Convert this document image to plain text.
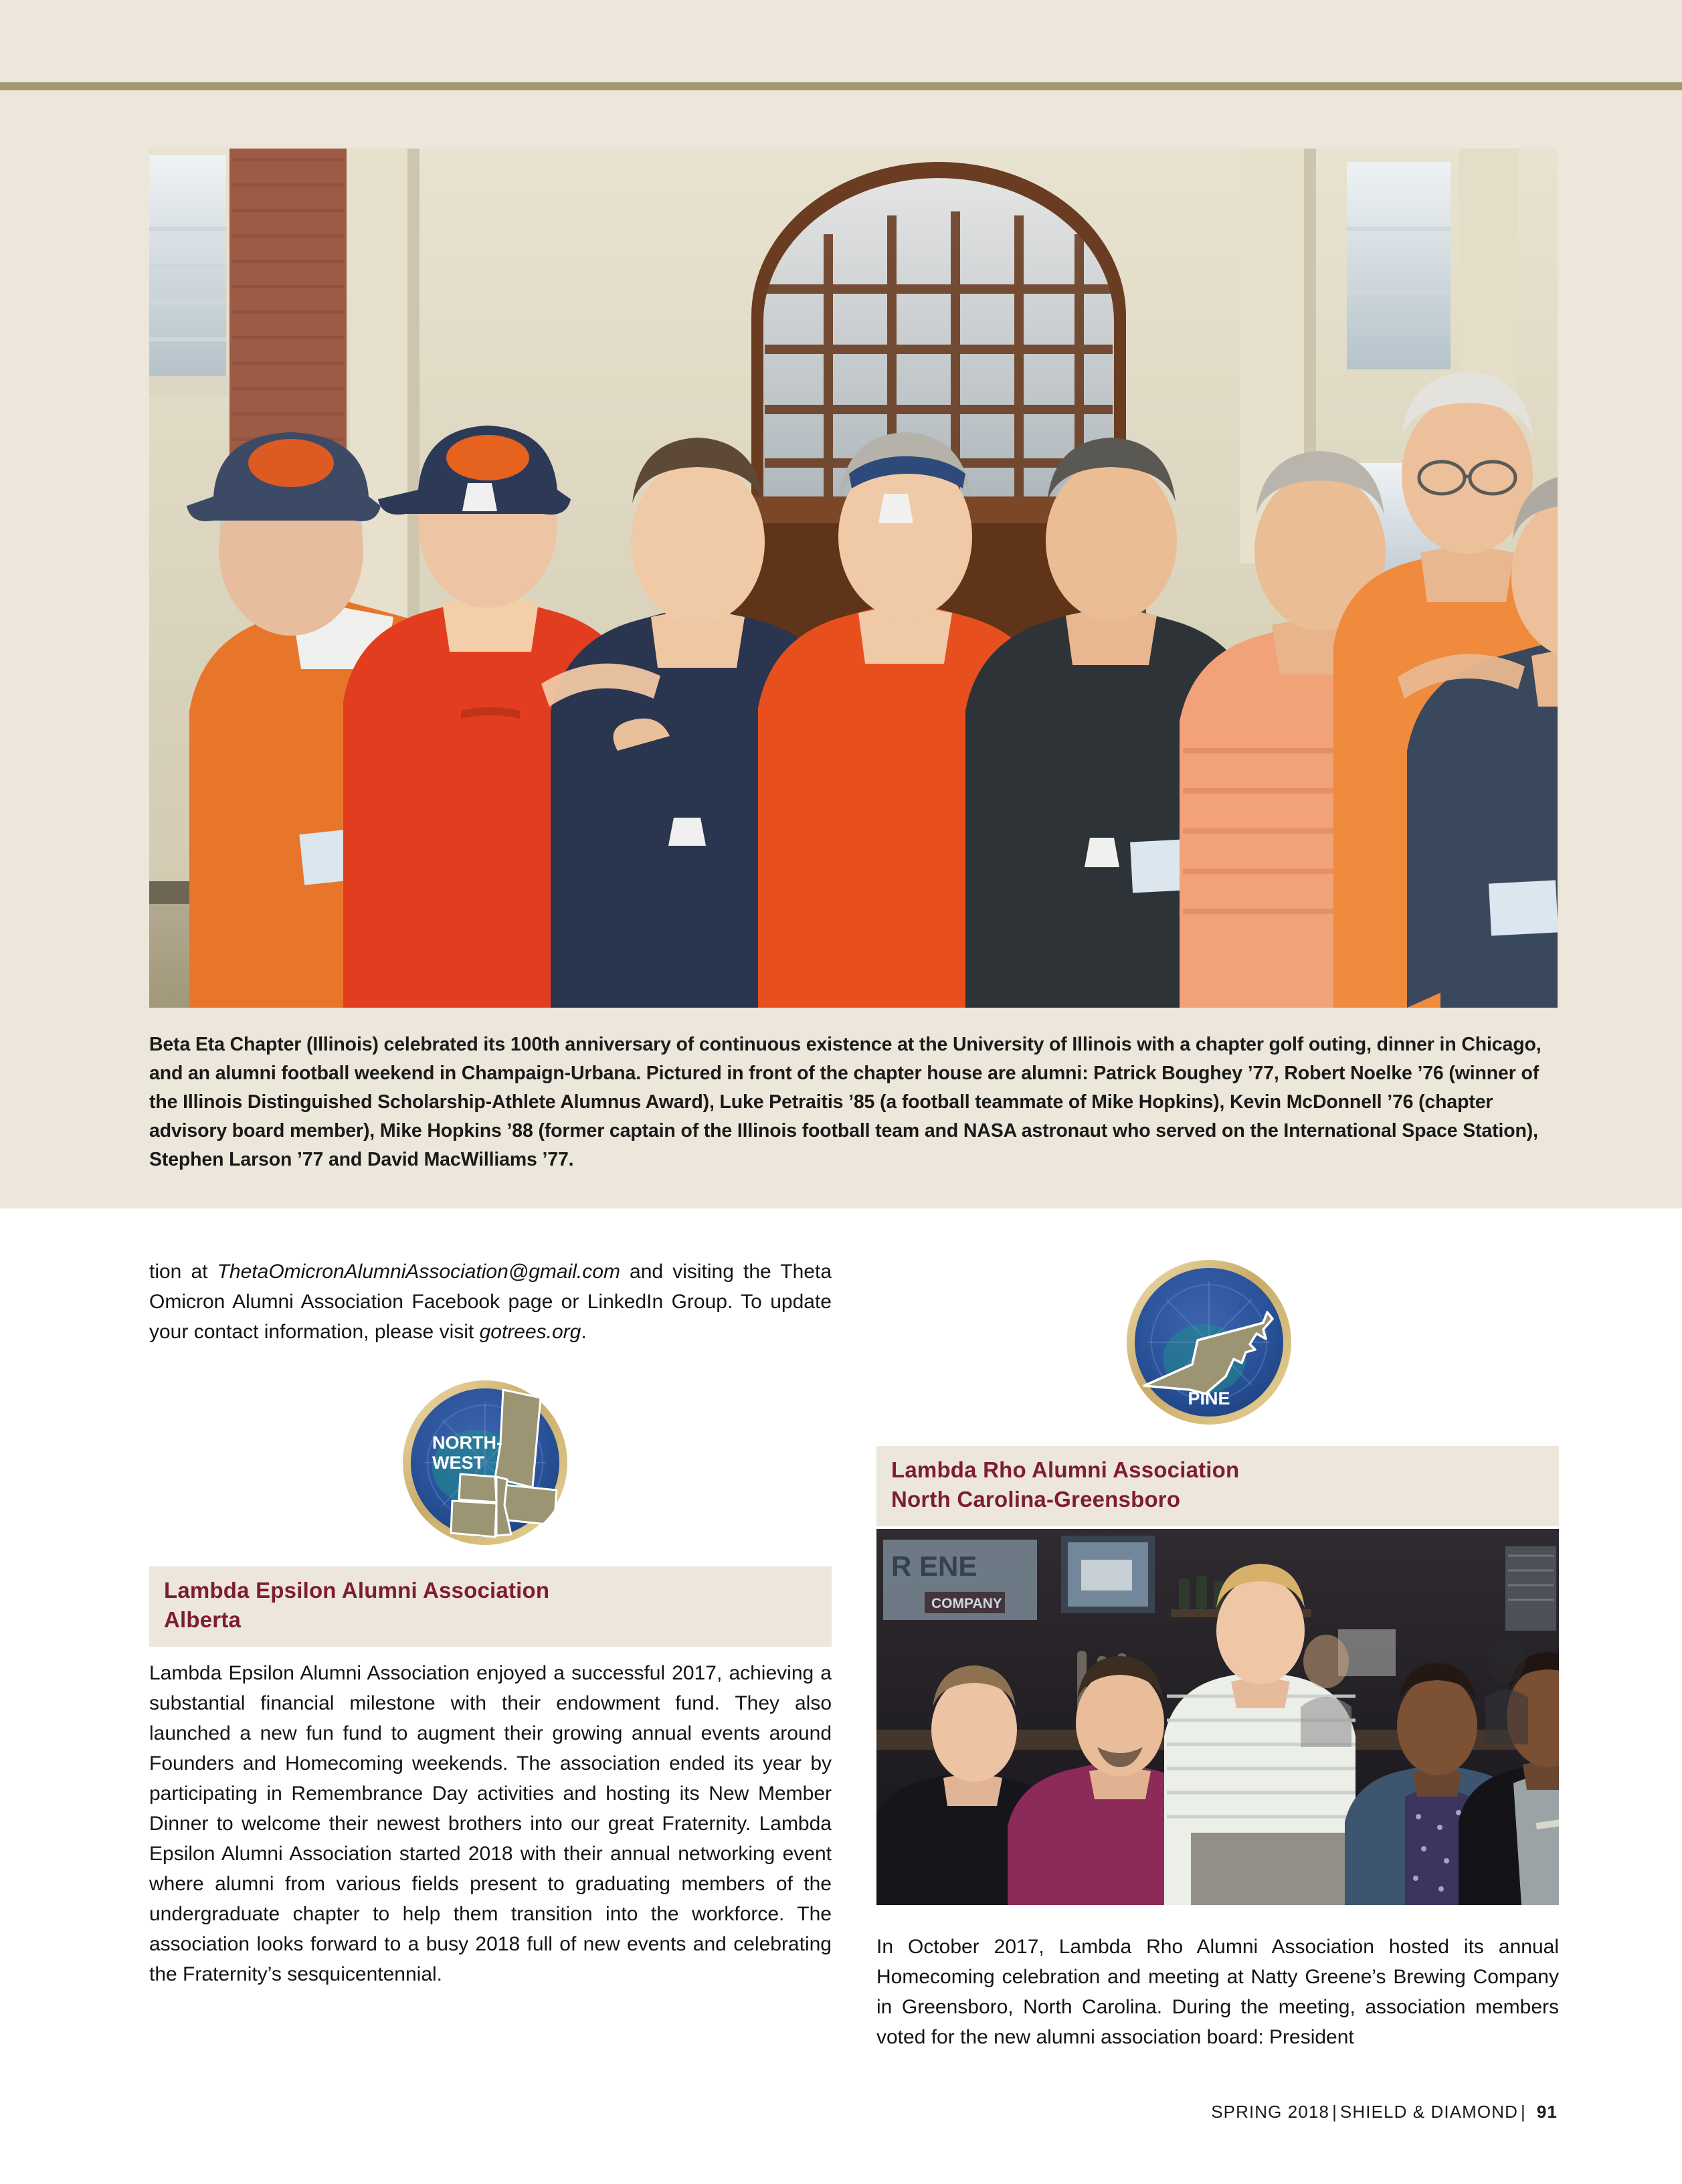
Beta Eta Chapter (Illinois) celebrated its 100th anniversary of continuous existence at the University of Illinois with a chapter golf outing, dinner in Chicago, and an alumni football weekend in Champaign-Urbana. Pictured in front of the chapter house are alumni: Patrick Boughey ’77, Robert Noelke ’76 (winner of the Illinois Distinguished Scholarship-Athlete Alumnus Award), Luke Petraitis ’85 (a football teammate of Mike Hopkins), Kevin McDonnell ’76 (chapter advisory board member), Mike Hopkins ’88 (former captain of the Illinois football team and NASA astronaut who served on the International Space Station), Stephen Larson ’77 and David MacWilliams ’77.

tion at ThetaOmicronAlumniAssociation@gmail.com and visiting the Theta Omicron Alumni Association Facebook page or LinkedIn Group. To update your contact information, please visit gotrees.org.

PINE
Lambda Rho Alumni Association
North Carolina-Greensboro
R ENE
COMPANY

In October 2017, Lambda Rho Alumni Association hosted its annual Homecoming celebration and meeting at Natty Greene’s Brewing Company in Greensboro, North Carolina. During the meeting, association members voted for the new alumni association board: President

NORTH-
WEST
Lambda Epsilon Alumni Association
Alberta

Lambda Epsilon Alumni Association enjoyed a successful 2017, achieving a substantial financial milestone with their endowment fund. They also launched a new fun fund to augment their growing annual events around Founders and Homecoming weekends. The association ended its year by participating in Remembrance Day activities and hosting its New Member Dinner to welcome their newest brothers into our great Fraternity. Lambda Epsilon Alumni Association started 2018 with their annual networking event where alumni from various fields present to graduating members of the undergraduate chapter to help them transition into the workforce. The association looks forward to a busy 2018 full of new events and celebrating the Fraternity’s sesquicentennial.

SPRING 2018 | SHIELD & DIAMOND | 91
